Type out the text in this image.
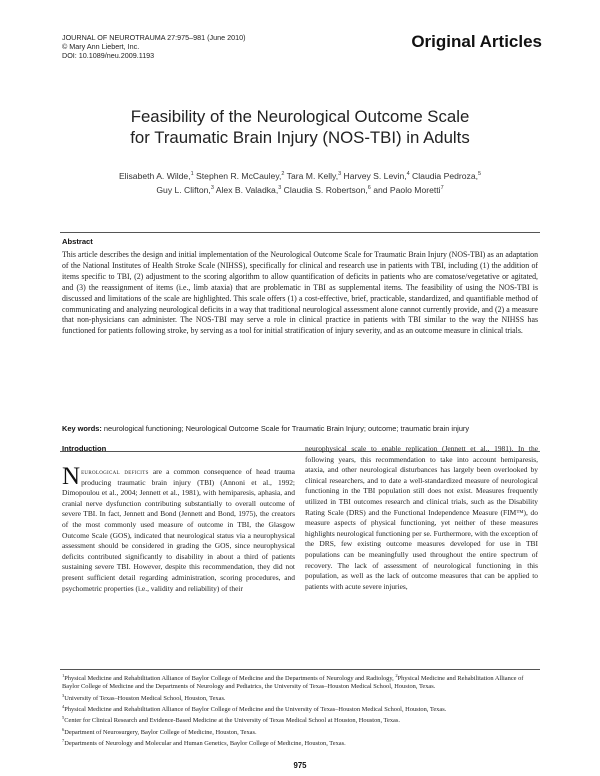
JOURNAL OF NEUROTRAUMA 27:975–981 (June 2010)
© Mary Ann Liebert, Inc.
DOI: 10.1089/neu.2009.1193
Original Articles
Feasibility of the Neurological Outcome Scale
for Traumatic Brain Injury (NOS-TBI) in Adults
Elisabeth A. Wilde,$^1$ Stephen R. McCauley,$^2$ Tara M. Kelly,$^3$ Harvey S. Levin,$^4$ Claudia Pedroza,$^5$
Guy L. Clifton,$^3$ Alex B. Valadka,$^3$ Claudia S. Robertson,$^6$ and Paolo Moretti$^7$
Abstract

This article describes the design and initial implementation of the Neurological Outcome Scale for Traumatic Brain Injury (NOS-TBI) as an adaptation of the National Institutes of Health Stroke Scale (NIHSS), specifically for clinical and research use in patients with TBI, including (1) the addition of items specific to TBI, (2) adjustment to the scoring algorithm to allow quantification of deficits in patients who are comatose/vegetative or agitated, and (3) the reassignment of items (i.e., limb ataxia) that are problematic in TBI as supplemental items. The feasibility of using the NOS-TBI is discussed and limitations of the scale are highlighted. This scale offers (1) a cost-effective, brief, practicable, standardized, and quantifiable method of communicating and analyzing neurological deficits in a way that traditional neurological assessment alone cannot currently provide, and (2) a measure that non-physicians can administer. The NOS-TBI may serve a role in clinical practice in patients with TBI similar to the way the NIHSS has functioned for patients following stroke, by serving as a tool for initial stratification of injury severity, and as an outcome measure in clinical trials.

Key words: neurological functioning; Neurological Outcome Scale for Traumatic Brain Injury; outcome; traumatic brain injury

Introduction

Neurological deficits are a common consequence of head trauma producing traumatic brain injury (TBI) (Annoni et al., 1992; Dimopoulou et al., 2004; Jennett et al., 1981), with hemiparesis, aphasia, and cranial nerve dysfunction contributing substantially to overall outcome of severe TBI. In fact, Jennett and Bond (Jennett and Bond, 1975), the creators of the most commonly used measure of outcome in TBI, the Glasgow Outcome Scale (GOS), indicated that neurological status via a neurophysical assessment should be considered in grading the GOS, since neurophysical deficits contributed significantly to disability in about a third of patients sustaining severe TBI. However, despite this recommendation, they did not present sufficient detail regarding administration, scoring procedures, and psychometric properties (i.e., validity and reliability) of their

neurophysical scale to enable replication (Jennett et al., 1981). In the following years, this recommendation to take into account hemiparesis, ataxia, and other neurological disturbances has largely been overlooked by clinical researchers, and to date a well-standardized measure of neurological functioning in the TBI population still does not exist. Measures frequently utilized in TBI outcomes research and clinical trials, such as the Disability Rating Scale (DRS) and the Functional Independence Measure (FIM™), do measure aspects of physical functioning, yet neither of these measures highlights neurological functioning per se. Furthermore, with the exception of the DRS, few existing outcome measures developed for use in TBI populations can be meaningfully used throughout the entire spectrum of recovery. The lack of assessment of neurological functioning in this population, as well as the lack of outcome measures that can be applied to patients with acute severe injuries,

$^1$Physical Medicine and Rehabilitation Alliance of Baylor College of Medicine and the Departments of Neurology and Radiology, $^2$Physical Medicine and Rehabilitation Alliance of Baylor College of Medicine and the Departments of Neurology and Pediatrics, the University of Texas–Houston Medical School, Houston, Texas.
$^3$University of Texas–Houston Medical School, Houston, Texas.
$^4$Physical Medicine and Rehabilitation Alliance of Baylor College of Medicine and the University of Texas–Houston Medical School, Houston, Texas.
$^5$Center for Clinical Research and Evidence-Based Medicine at the University of Texas Medical School at Houston, Houston, Texas.
$^6$Department of Neurosurgery, Baylor College of Medicine, Houston, Texas.
$^7$Departments of Neurology and Molecular and Human Genetics, Baylor College of Medicine, Houston, Texas.
975
